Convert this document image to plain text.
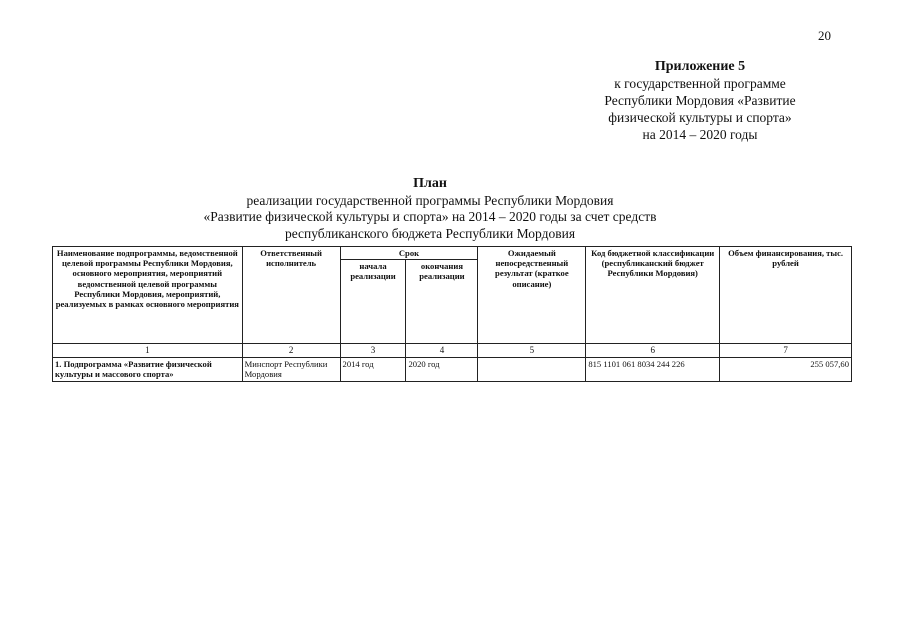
20
Приложение 5
к государственной программе
Республики Мордовия «Развитие
физической культуры и спорта»
на 2014 – 2020 годы
План
реализации государственной программы Республики Мордовия
«Развитие физической культуры и спорта» на 2014 – 2020 годы за счет средств
республиканского бюджета Республики Мордовия
Наименование подпрограммы, ведомственной целевой программы Республики Мордовия, основного мероприятия, мероприятий ведомственной целевой программы Республики Мордовия, мероприятий, реализуемых в рамках основного мероприятия	Ответственный исполнитель	Срок		Ожидаемый непосредственный результат (краткое описание)	Код бюджетной классификации (республиканский бюджет Республики Мордовия)	Объем финансирования, тыс. рублей
		начала реализации	окончания реализации			
1	2	3	4	5	6	7
1. Подпрограмма «Развитие физической культуры и массового спорта»	Минспорт Республики Мордовия	2014 год	2020 год		815 1101 061 8034 244 226	255 057,60
